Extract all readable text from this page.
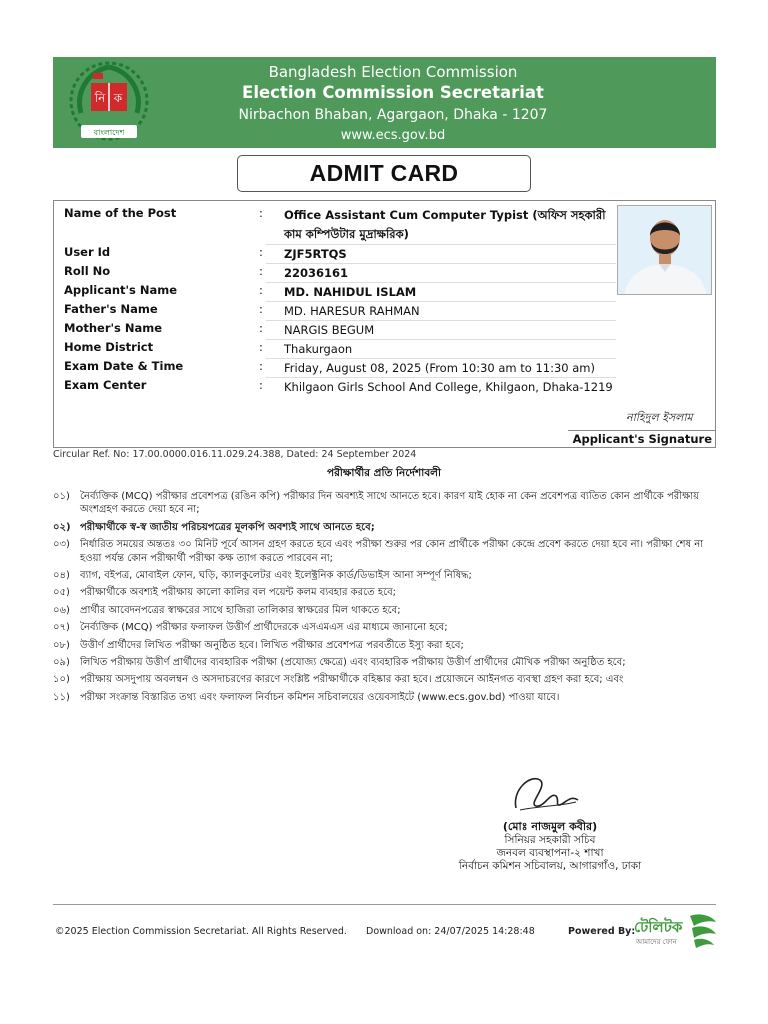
নি ক
বাংলাদেশ
Bangladesh Election Commission
Election Commission Secretariat
Nirbachon Bhaban, Agargaon, Dhaka - 1207
www.ecs.gov.bd
ADMIT CARD
Name of the Post	: Office Assistant Cum Computer Typist (অফিস সহকারী কাম কম্পিউটার মুদ্রাক্ষরিক)
User Id	: ZJF5RTQS
Roll No	: 22036161
Applicant's Name	: MD. NAHIDUL ISLAM
Father's Name	: MD. HARESUR RAHMAN
Mother's Name	: NARGIS BEGUM
Home District	: Thakurgaon
Exam Date & Time	: Friday, August 08, 2025 (From 10:30 am to 11:30 am)
Exam Center	: Khilgaon Girls School And College, Khilgaon, Dhaka-1219
নাহিদুল ইসলাম
Applicant's Signature
Circular Ref. No: 17.00.0000.016.11.029.24.388, Dated: 24 September 2024
পরীক্ষার্থীর প্রতি নির্দেশাবলী
০১) নৈর্ব্যক্তিক (MCQ) পরীক্ষার প্রবেশপত্র (রঙিন কপি) পরীক্ষার দিন অবশ্যই সাথে আনতে হবে। কারণ যাই হোক না কেন প্রবেশপত্র ব্যতিত কোন প্রার্থীকে পরীক্ষায় অংশগ্রহণ করতে দেয়া হবে না;
০২) পরীক্ষার্থীকে স্ব-স্ব জাতীয় পরিচয়পত্রের মূলকপি অবশ্যই সাথে আনতে হবে;
০৩) নির্ধারিত সময়ের অন্ততঃ ৩০ মিনিট পূর্বে আসন গ্রহণ করতে হবে এবং পরীক্ষা শুরুর পর কোন প্রার্থীকে পরীক্ষা কেন্দ্রে প্রবেশ করতে দেয়া হবে না। পরীক্ষা শেষ না হওয়া পর্যন্ত কোন পরীক্ষার্থী পরীক্ষা কক্ষ ত্যাগ করতে পারবেন না;
০৪) ব্যাগ, বইপত্র, মোবাইল ফোন, ঘড়ি, ক্যালকুলেটর এবং ইলেক্ট্রনিক কার্ড/ডিভাইস আনা সম্পূর্ণ নিষিদ্ধ;
০৫) পরীক্ষার্থীকে অবশ্যই পরীক্ষায় কালো কালির বল পয়েন্ট কলম ব্যবহার করতে হবে;
০৬) প্রার্থীর আবেদনপত্রের স্বাক্ষরের সাথে হাজিরা তালিকার স্বাক্ষরের মিল থাকতে হবে;
০৭) নৈর্ব্যক্তিক (MCQ) পরীক্ষার ফলাফল উত্তীর্ণ প্রার্থীদেরকে এসএমএস এর মাধ্যমে জানানো হবে;
০৮) উত্তীর্ণ প্রার্থীদের লিখিত পরীক্ষা অনুষ্ঠিত হবে। লিখিত পরীক্ষার প্রবেশপত্র পরবর্তীতে ইস্যু করা হবে;
০৯) লিখিত পরীক্ষায় উত্তীর্ণ প্রার্থীদের ব্যবহারিক পরীক্ষা (প্রযোজ্য ক্ষেত্রে) এবং ব্যবহারিক পরীক্ষায় উত্তীর্ণ প্রার্থীদের মৌখিক পরীক্ষা অনুষ্ঠিত হবে;
১০) পরীক্ষায় অসদুপায় অবলম্বন ও অসদাচরণের কারণে সংশ্লিষ্ট পরীক্ষার্থীকে বহিষ্কার করা হবে। প্রয়োজনে আইনগত ব্যবস্থা গ্রহণ করা হবে; এবং
১১) পরীক্ষা সংক্রান্ত বিস্তারিত তথ্য এবং ফলাফল নির্বাচন কমিশন সচিবালয়ের ওয়েবসাইটে (www.ecs.gov.bd) পাওয়া যাবে।
(মোঃ নাজমুল কবীর)
সিনিয়র সহকারী সচিব
জনবল ব্যবস্থাপনা-২ শাখা
নির্বাচন কমিশন সচিবালয়, আগারগাঁও, ঢাকা
©2025 Election Commission Secretariat. All Rights Reserved. Download on: 24/07/2025 14:28:48	Powered By:
টেলিটক
আমাদের ফোন
